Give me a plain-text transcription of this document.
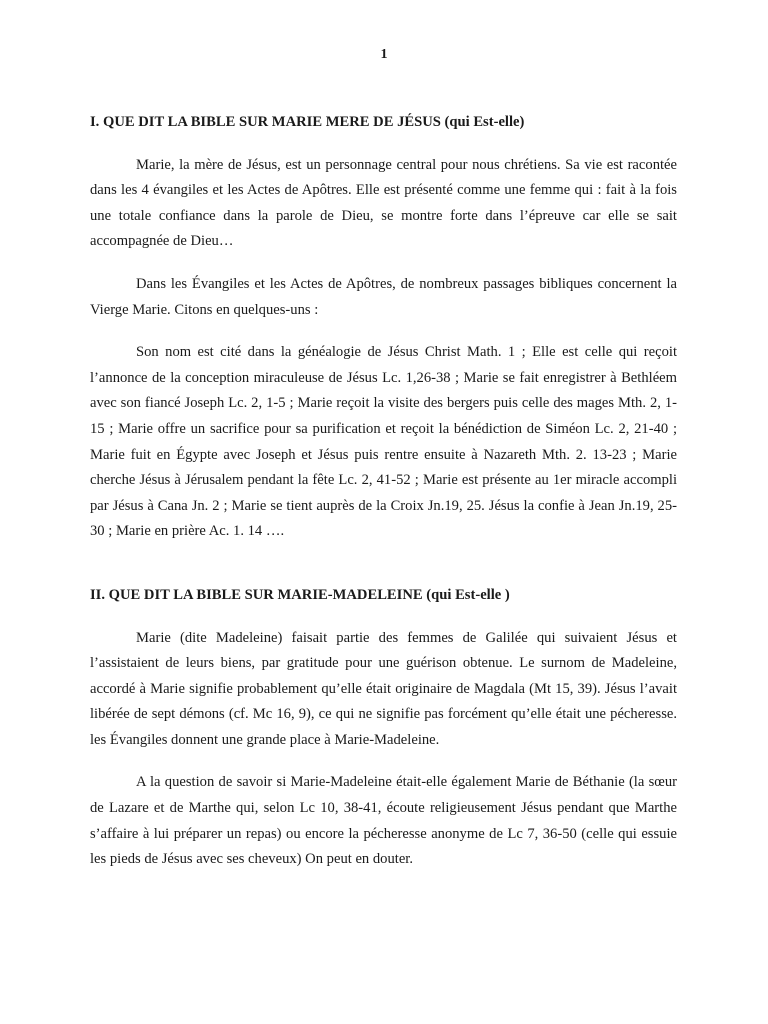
1
I. QUE DIT LA BIBLE SUR MARIE MERE DE JÉSUS (qui Est-elle)

Marie, la mère de Jésus, est un personnage central pour nous chrétiens. Sa vie est racontée dans les 4 évangiles et les Actes de Apôtres. Elle est présenté comme une femme qui : fait à la fois une totale confiance dans la parole de Dieu, se montre forte dans l’épreuve car elle se sait accompagnée de Dieu…

Dans les Évangiles et les Actes de Apôtres, de nombreux passages bibliques concernent la Vierge Marie. Citons en quelques-uns :

Son nom est cité dans la généalogie de Jésus Christ Math. 1 ; Elle est celle qui reçoit l’annonce de la conception miraculeuse de Jésus Lc. 1,26-38 ; Marie se fait enregistrer à Bethléem avec son fiancé Joseph Lc. 2, 1-5 ; Marie reçoit la visite des bergers puis celle des mages Mth. 2, 1-15 ; Marie offre un sacrifice pour sa purification et reçoit la bénédiction de Siméon Lc. 2, 21-40 ; Marie fuit en Égypte avec Joseph et Jésus puis rentre ensuite à Nazareth Mth. 2. 13-23 ; Marie cherche Jésus à Jérusalem pendant la fête Lc. 2, 41-52 ; Marie est présente au 1er miracle accompli par Jésus à Cana Jn. 2 ; Marie se tient auprès de la Croix Jn.19, 25. Jésus la confie à Jean Jn.19, 25-30 ; Marie en prière Ac. 1. 14 ….

II. QUE DIT LA BIBLE SUR MARIE-MADELEINE (qui Est-elle )

Marie (dite Madeleine) faisait partie des femmes de Galilée qui suivaient Jésus et l’assistaient de leurs biens, par gratitude pour une guérison obtenue. Le surnom de Madeleine, accordé à Marie signifie probablement qu’elle était originaire de Magdala (Mt 15, 39). Jésus l’avait libérée de sept démons (cf. Mc 16, 9), ce qui ne signifie pas forcément qu’elle était une pécheresse. les Évangiles donnent une grande place à Marie-Madeleine.

A la question de savoir si Marie-Madeleine était-elle également Marie de Béthanie (la sœur de Lazare et de Marthe qui, selon Lc 10, 38-41, écoute religieusement Jésus pendant que Marthe s’affaire à lui préparer un repas) ou encore la pécheresse anonyme de Lc 7, 36-50 (celle qui essuie les pieds de Jésus avec ses cheveux) On peut en douter.
